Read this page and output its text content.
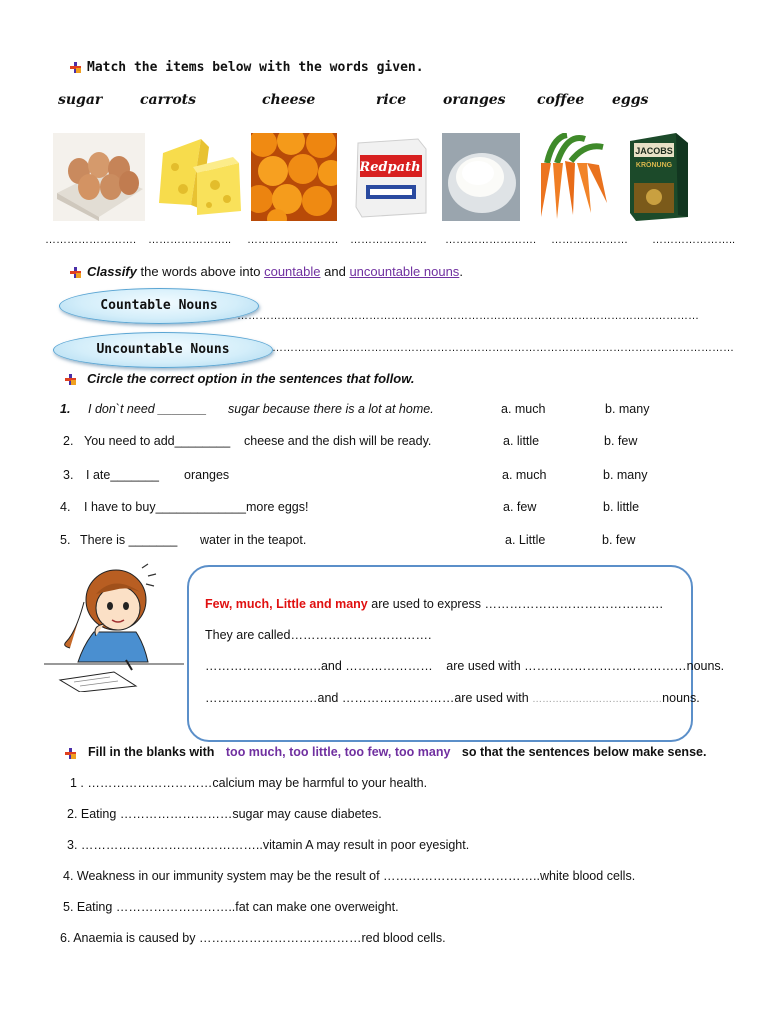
Match the items below with the words given.
sugar	carrots	cheese	rice	oranges coffee eggs
Redpath
JACOBS
KRÖNUNG
……………………. ………………….. ……………………. ………………… ……………………. ………………… …………………..
Classify the words above into countable and uncountable nouns.
Countable Nouns
………………………………………………………………………………………………………………
Uncountable Nouns	………………………………………………………………………………………………………………
Circle the correct option in the sentences that follow.
1. I don`t need _______ sugar because there is a lot at home.	a. much	b. many
2. You need to add________ cheese and the dish will be ready.	a. little	b. few
3. I ate_______ oranges	a. much	b. many
4. I have to buy_____________more eggs!	a. few	b. little
5. There is _______ water in the teapot.	a. Little	b. few
Few, much, Little and many are used to express …………………………………….
They are called…………………………….
……………………….and ………………… are used with …………………………………nouns.
………………………and ………………………are used with …………………………………nouns.
Fill in the blanks with too much, too little, too few, too many so that the sentences below make sense.
1 . …………………………calcium may be harmful to your health.
2. Eating ………………………sugar may cause diabetes.
3. ……………………………………..vitamin A may result in poor eyesight.
4. Weakness in our immunity system may be the result of ………………………………..white blood cells.
5. Eating ………………………..fat can make one overweight.
6. Anaemia is caused by …………………………………red blood cells.
